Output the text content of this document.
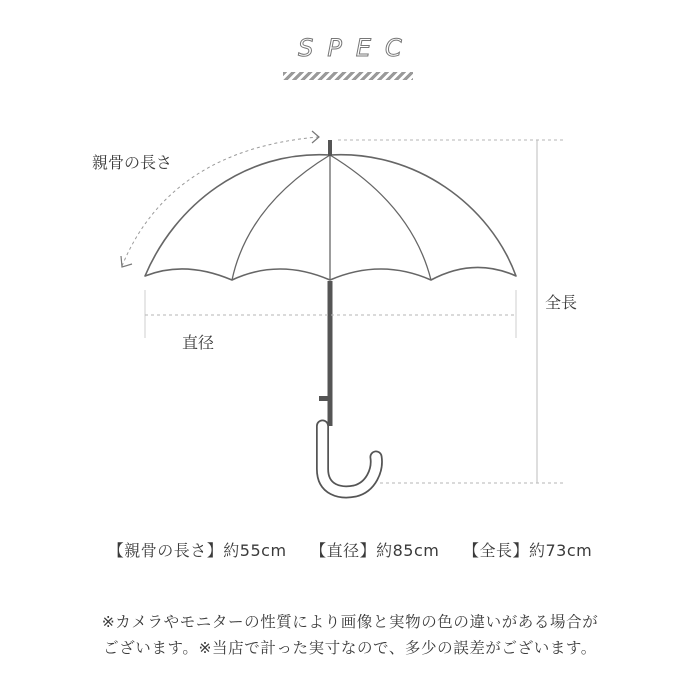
SPEC
親骨の長さ
直径
全長
【親骨の長さ】約55cm 【直径】約85cm 【全長】約73cm
※カメラやモニターの性質により画像と実物の色の違いがある場合が
ございます。※当店で計った実寸なので、多少の誤差がございます。
